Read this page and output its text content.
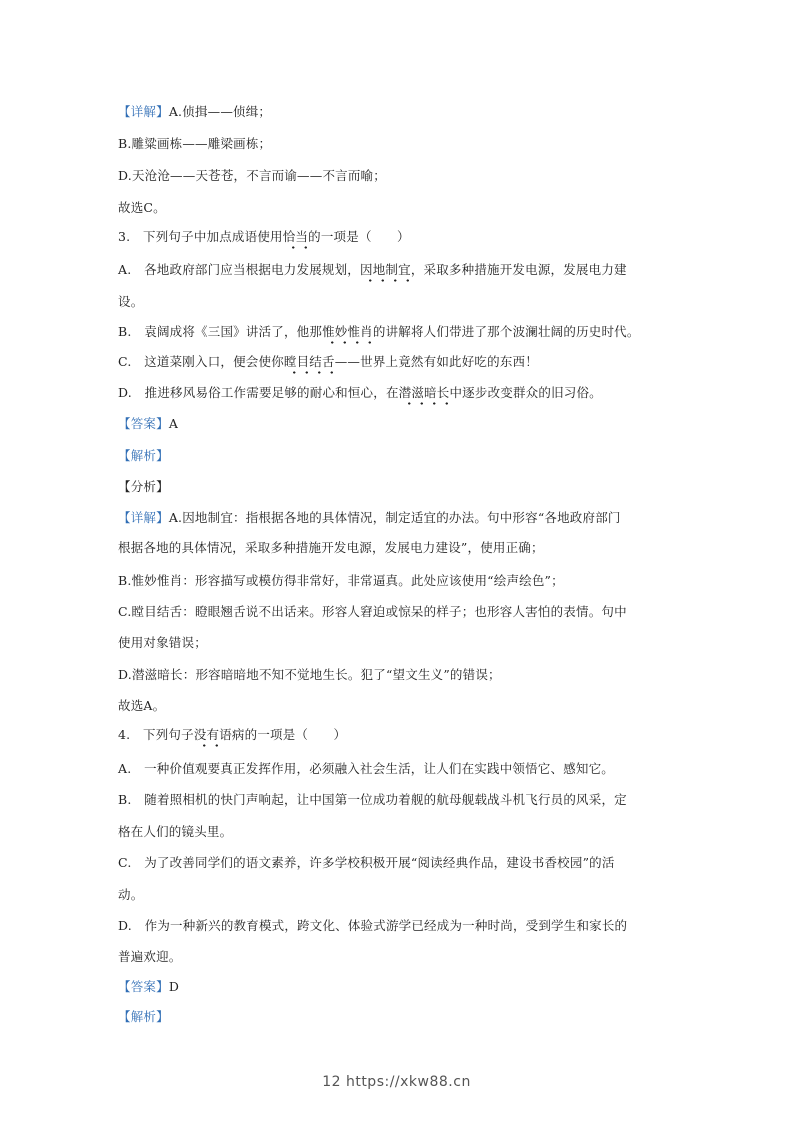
【详解】A.侦揖——侦缉；
B.雕粱画栋——雕梁画栋；
D.天沧沧——天苍苍，不言而谕——不言而喻；
故选C。
3.　下列句子中加点成语使用恰当的一项是（　　）
A.　各地政府部门应当根据电力发展规划，因地制宜，采取多种措施开发电源，发展电力建
设。
B.　袁阔成将《三国》讲活了，他那惟妙惟肖的讲解将人们带进了那个波澜壮阔的历史时代。
C.　这道菜刚入口，便会使你瞠目结舌——世界上竟然有如此好吃的东西！
D.　推进移风易俗工作需要足够的耐心和恒心，在潜滋暗长中逐步改变群众的旧习俗。
【答案】A
【解析】
【分析】
【详解】A.因地制宜：指根据各地的具体情况，制定适宜的办法。句中形容“各地政府部门
根据各地的具体情况，采取多种措施开发电源，发展电力建设”，使用正确；
B.惟妙惟肖：形容描写或模仿得非常好，非常逼真。此处应该使用“绘声绘色”；
C.瞠目结舌：瞪眼翘舌说不出话来。形容人窘迫或惊呆的样子；也形容人害怕的表情。句中
使用对象错误；
D.潜滋暗长：形容暗暗地不知不觉地生长。犯了“望文生义”的错误；
故选A。
4.　下列句子没有语病的一项是（　　）
A.　一种价值观要真正发挥作用，必须融入社会生活，让人们在实践中领悟它、感知它。
B.　随着照相机的快门声响起，让中国第一位成功着舰的航母舰载战斗机飞行员的风采，定
格在人们的镜头里。
C.　为了改善同学们的语文素养，许多学校积极开展“阅读经典作品，建设书香校园”的活
动。
D.　作为一种新兴的教育模式，跨文化、体验式游学已经成为一种时尚，受到学生和家长的
普遍欢迎。
【答案】D
【解析】
12 https://xkw88.cn
